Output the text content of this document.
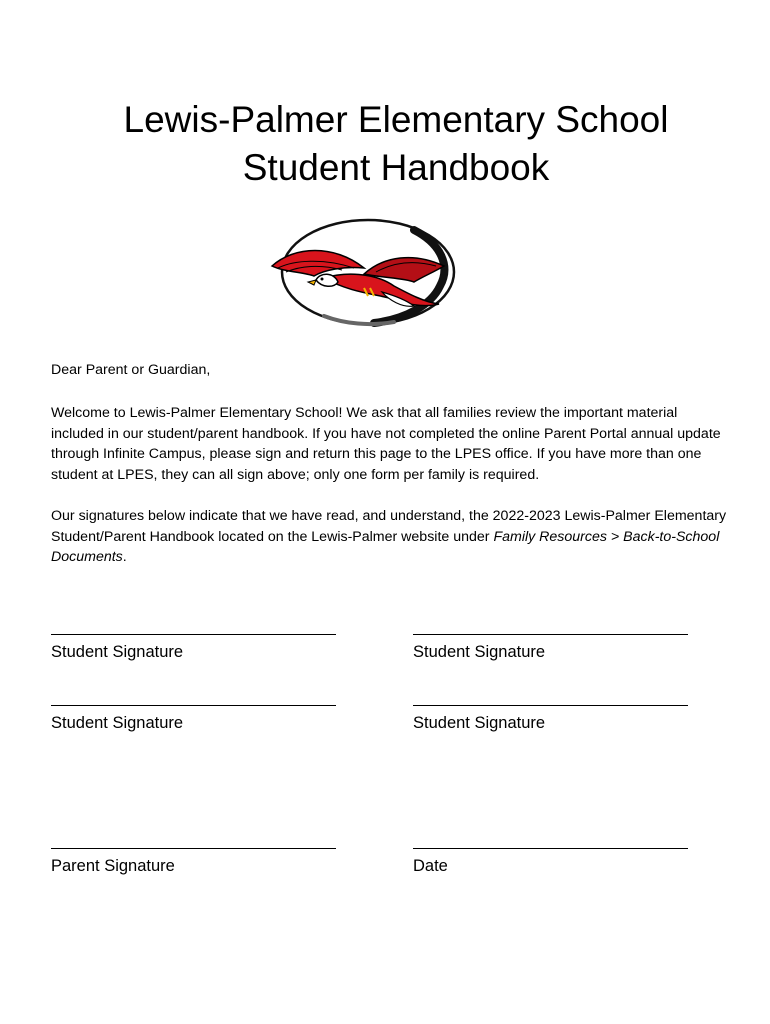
Lewis-Palmer Elementary School
Student Handbook

Dear Parent or Guardian,

Welcome to Lewis-Palmer Elementary School! We ask that all families review the important material included in our student/parent handbook. If you have not completed the online Parent Portal annual update through Infinite Campus, please sign and return this page to the LPES office. If you have more than one student at LPES, they can all sign above; only one form per family is required.

Our signatures below indicate that we have read, and understand, the 2022-2023 Lewis-Palmer Elementary Student/Parent Handbook located on the Lewis-Palmer website under Family Resources > Back-to-School Documents.

Student Signature	Student Signature
Student Signature	Student Signature
Parent Signature	Date
